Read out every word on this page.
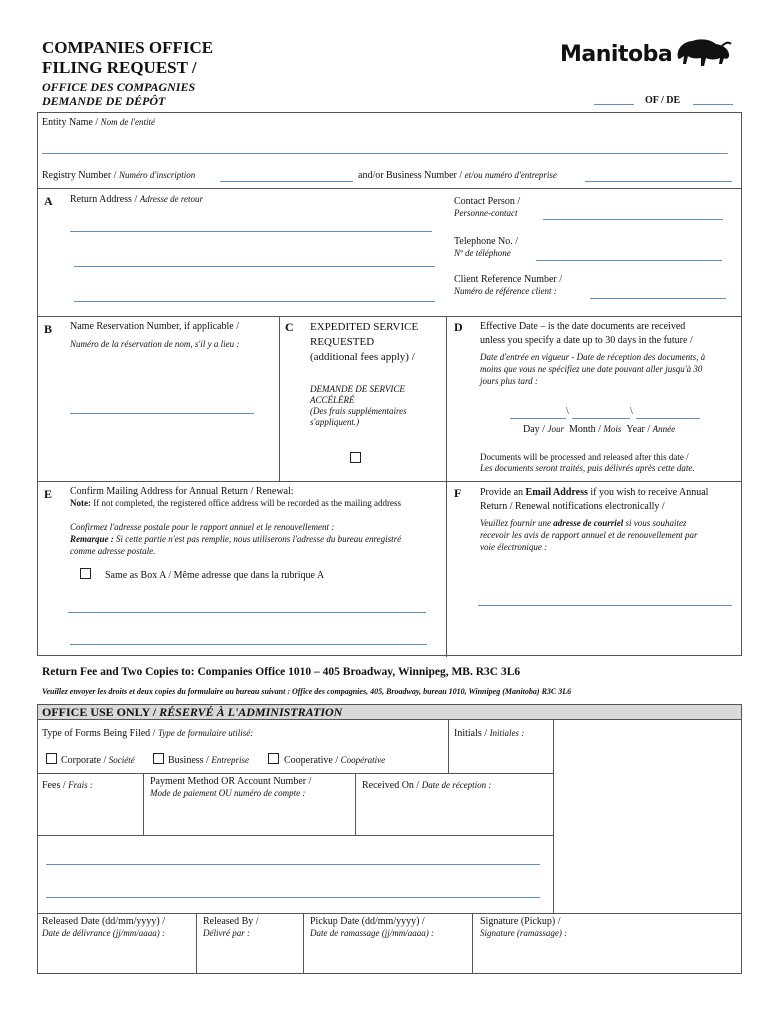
COMPANIES OFFICE
FILING REQUEST /
OFFICE DES COMPAGNIES
DEMANDE DE DÉPÔT
Manitoba
OF / DE
Entity Name / Nom de l'entité
Registry Number / Numéro d'inscription	and/or Business Number / et/ou numéro d'entreprise
A Return Address / Adresse de retour	Contact Person /
Personne-contact
Telephone No. /
Nº de téléphone
Client Reference Number /
Numéro de référence client :
B Name Reservation Number, if applicable /
Numéro de la réservation de nom, s'il y a lieu :
C EXPEDITED SERVICE
REQUESTED
(additional fees apply) /
DEMANDE DE SERVICE
ACCÉLÉRÉ
(Des frais supplémentaires
s'appliquent.)
D Effective Date – is the date documents are received
unless you specify a date up to 30 days in the future /
Date d'entrée en vigueur - Date de réception des documents, à
moins que vous ne spécifiez une date pouvant aller jusqu'à 30
jours plus tard :
\	\
Day / Jour Month / Mois Year / Année
Documents will be processed and released after this date /
Les documents seront traités, puis délivrés après cette date.
E Confirm Mailing Address for Annual Return / Renewal:
Note: If not completed, the registered office address will be recorded as the mailing address
Confirmez l'adresse postale pour le rapport annuel et le renouvellement :
Remarque : Si cette partie n'est pas remplie, nous utiliserons l'adresse du bureau enregistré
comme adresse postale.
Same as Box A / Même adresse que dans la rubrique A
F Provide an Email Address if you wish to receive Annual
Return / Renewal notifications electronically /
Veuillez fournir une adresse de courriel si vous souhaitez
recevoir les avis de rapport annuel et de renouvellement par
voie électronique :
Return Fee and Two Copies to: Companies Office 1010 – 405 Broadway, Winnipeg, MB. R3C 3L6
Veuillez envoyer les droits et deux copies du formulaire au bureau suivant : Office des compagnies, 405, Broadway, bureau 1010, Winnipeg (Manitoba) R3C 3L6
OFFICE USE ONLY / RÉSERVÉ À L'ADMINISTRATION
Type of Forms Being Filed / Type de formulaire utilisé:	Initials / Initiales :
Corporate / Société	Business / Entreprise	Cooperative / Coopérative
Fees / Frais :	Payment Method OR Account Number /
Mode de paiement OU numéro de compte :
Received On / Date de réception :
Released Date (dd/mm/yyyy) /
Date de délivrance (jj/mm/aaaa) :
Released By /
Délivré par :
Pickup Date (dd/mm/yyyy) /
Date de ramassage (jj/mm/aaaa) :
Signature (Pickup) /
Signature (ramassage) :
